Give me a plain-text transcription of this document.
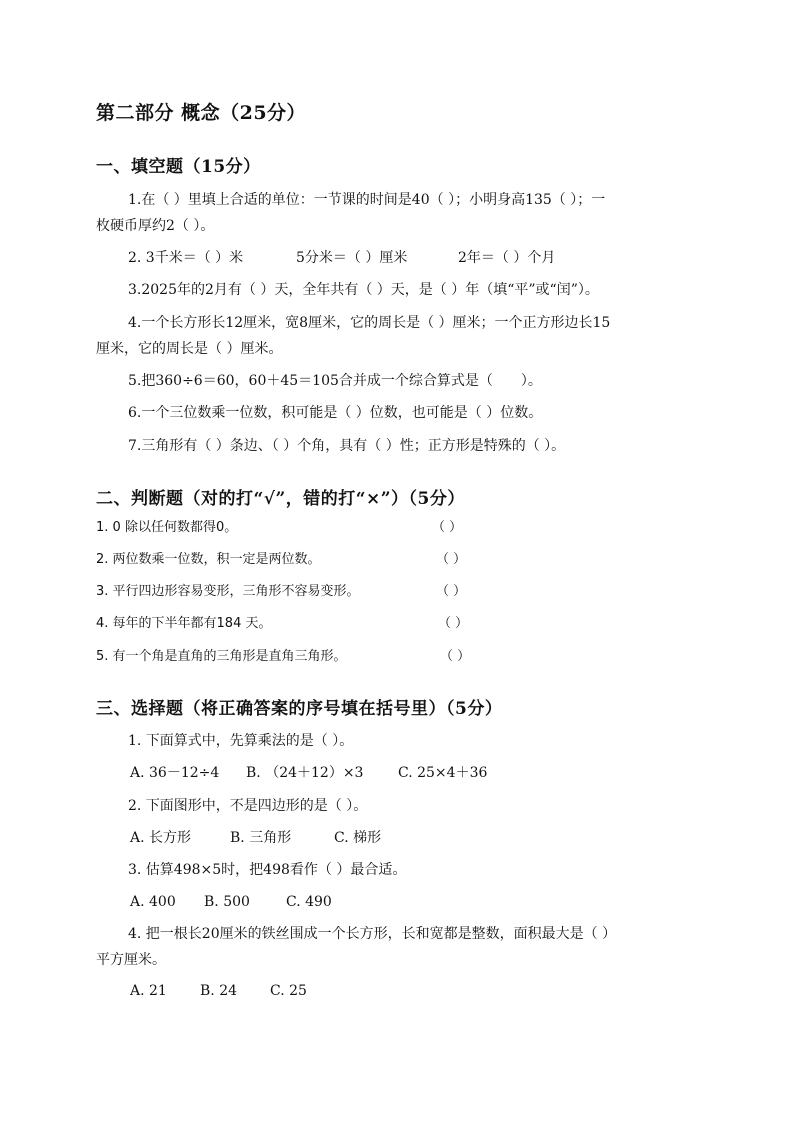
第二部分 概念（25分）
一、填空题（15分）
1.在（ ）里填上合适的单位：一节课的时间是40（ ）；小明身高135（ ）；一
枚硬币厚约2（ ）。
2. 3千米＝（ ）米	5分米＝（ ）厘米	2年＝（ ）个月
3.2025年的2月有（ ）天，全年共有（ ）天，是（ ）年（填“平”或“闰”）。
4.一个长方形长12厘米，宽8厘米，它的周长是（ ）厘米；一个正方形边长15
厘米，它的周长是（ ）厘米。
5.把360÷6＝60，60＋45＝105合并成一个综合算式是（　　）。
6.一个三位数乘一位数，积可能是（ ）位数，也可能是（ ）位数。
7.三角形有（ ）条边、（ ）个角，具有（ ）性；正方形是特殊的（ ）。
二、判断题（对的打“√”，错的打“×”）（5分）
1. 0 除以任何数都得0。	（ ）
2. 两位数乘一位数，积一定是两位数。	（ ）
3. 平行四边形容易变形，三角形不容易变形。	（ ）
4. 每年的下半年都有184 天。	（ ）
5. 有一个角是直角的三角形是直角三角形。	（ ）
三、选择题（将正确答案的序号填在括号里）（5分）
1. 下面算式中，先算乘法的是（ ）。
A. 36－12÷4 B. （24＋12）×3 C. 25×4＋36
2. 下面图形中，不是四边形的是（ ）。
A. 长方形	B. 三角形	C. 梯形
3. 估算498×5时，把498看作（ ）最合适。
A. 400 B. 500	C. 490
4. 把一根长20厘米的铁丝围成一个长方形，长和宽都是整数，面积最大是（ ）
平方厘米。
A. 21 B. 24 C. 25
